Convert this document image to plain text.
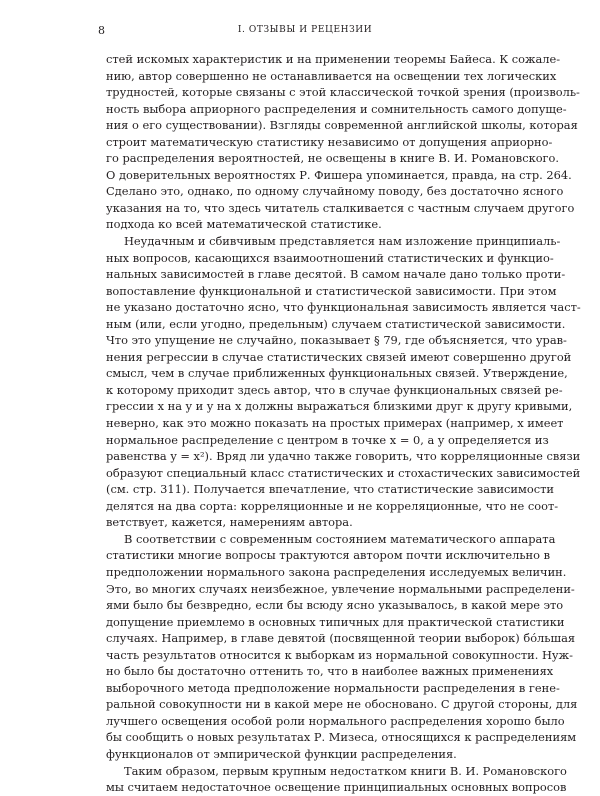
8	I. ОТЗЫВЫ И РЕЦЕНЗИИ
стей искомых характеристик и на применении теоремы Байеса. К сожале-
нию, автор совершенно не останавливается на освещении тех логических
трудностей, которые связаны с этой классической точкой зрения (произволь-
ность выбора априорного распределения и сомнительность самого допуще-
ния о его существовании). Взгляды современной английской школы, которая
строит математическую статистику независимо от допущения априорно-
го распределения вероятностей, не освещены в книге В. И. Романовского.
О доверительных вероятностях Р. Фишера упоминается, правда, на стр. 264.
Сделано это, однако, по одному случайному поводу, без достаточно ясного
указания на то, что здесь читатель сталкивается с частным случаем другого
подхода ко всей математической статистике.
Неудачным и сбивчивым представляется нам изложение принципиаль-
ных вопросов, касающихся взаимоотношений статистических и функцио-
нальных зависимостей в главе десятой. В самом начале дано только проти-
вопоставление функциональной и статистической зависимости. При этом
не указано достаточно ясно, что функциональная зависимость является част-
ным (или, если угодно, предельным) случаем статистической зависимости.
Что это упущение не случайно, показывает § 79, где объясняется, что урав-
нения регрессии в случае статистических связей имеют совершенно другой
смысл, чем в случае приближенных функциональных связей. Утверждение,
к которому приходит здесь автор, что в случае функциональных связей ре-
грессии x на y и y на x должны выражаться близкими друг к другу кривыми,
неверно, как это можно показать на простых примерах (например, x имеет
нормальное распределение с центром в точке x = 0, а y определяется из
равенства y = x²). Вряд ли удачно также говорить, что корреляционные связи
образуют специальный класс статистических и стохастических зависимостей
(см. стр. 311). Получается впечатление, что статистические зависимости
делятся на два сорта: корреляционные и не корреляционные, что не соот-
ветствует, кажется, намерениям автора.
В соответствии с современным состоянием математического аппарата
статистики многие вопросы трактуются автором почти исключительно в
предположении нормального закона распределения исследуемых величин.
Это, во многих случаях неизбежное, увлечение нормальными распределени-
ями было бы безвредно, если бы всюду ясно указывалось, в какой мере это
допущение приемлемо в основных типичных для практической статистики
случаях. Например, в главе девятой (посвященной теории выборок) бо́льшая
часть результатов относится к выборкам из нормальной совокупности. Нуж-
но было бы достаточно оттенить то, что в наиболее важных применениях
выборочного метода предположение нормальности распределения в гене-
ральной совокупности ни в какой мере не обосновано. С другой стороны, для
лучшего освещения особой роли нормального распределения хорошо было
бы сообщить о новых результатах Р. Мизеса, относящихся к распределениям
функционалов от эмпирической функции распределения.
Таким образом, первым крупным недостатком книги В. И. Романовского
мы считаем недостаточное освещение принципиальных основных вопросов
